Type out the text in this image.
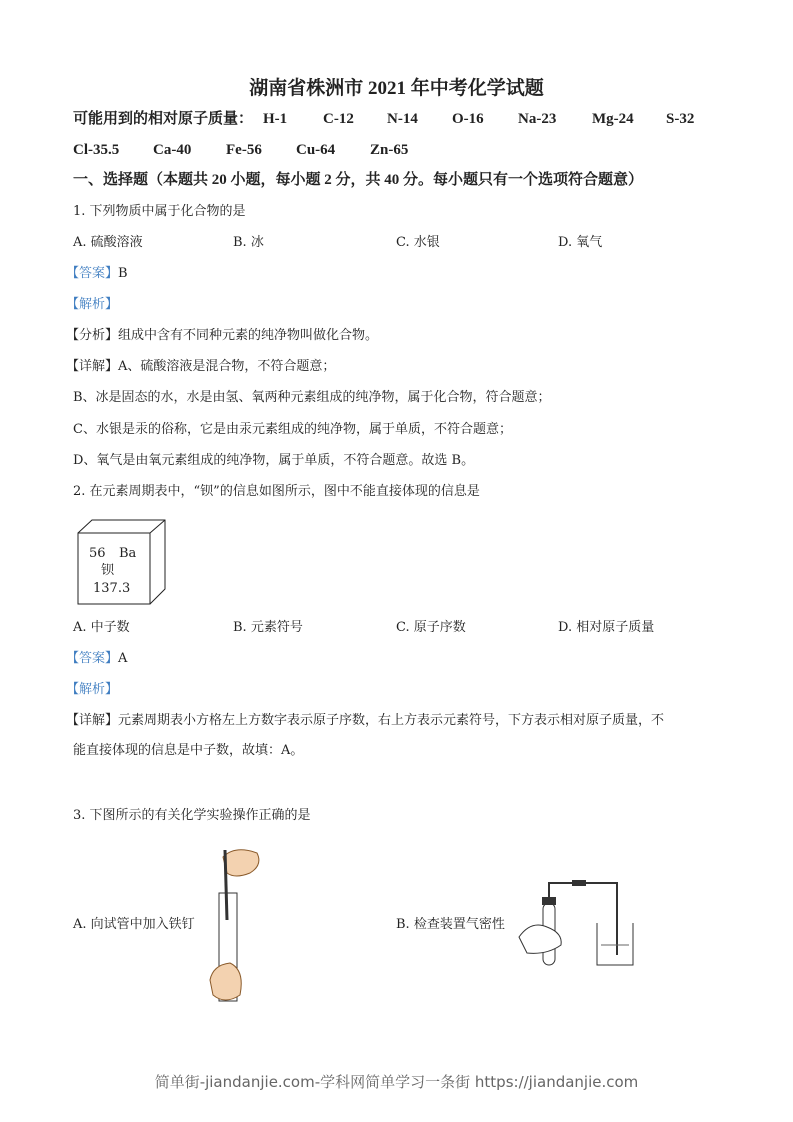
湖南省株洲市 2021 年中考化学试题
可能用到的相对原子质量： H-1 C-12 N-14 O-16 Na-23 Mg-24 S-32
Cl-35.5 Ca-40 Fe-56 Cu-64 Zn-65
一、选择题（本题共 20 小题，每小题 2 分，共 40 分。每小题只有一个选项符合题意）
1. 下列物质中属于化合物的是
A. 硫酸溶液	B. 冰	C. 水银	D. 氧气
【答案】B
【解析】
【分析】组成中含有不同种元素的纯净物叫做化合物。
【详解】A、硫酸溶液是混合物，不符合题意；
B、冰是固态的水，水是由氢、氧两种元素组成的纯净物，属于化合物，符合题意；
C、水银是汞的俗称，它是由汞元素组成的纯净物，属于单质，不符合题意；
D、氧气是由氧元素组成的纯净物，属于单质，不符合题意。故选 B。
2. 在元素周期表中，“钡”的信息如图所示，图中不能直接体现的信息是
56 Ba
钡
137.3
A. 中子数	B. 元素符号	C. 原子序数	D. 相对原子质量
【答案】A
【解析】
【详解】元素周期表小方格左上方数字表示原子序数，右上方表示元素符号，下方表示相对原子质量，不
能直接体现的信息是中子数，故填：A。
3. 下图所示的有关化学实验操作正确的是
A. 向试管中加入铁钉	B. 检查装置气密性
简单街-jiandanjie.com-学科网简单学习一条街 https://jiandanjie.com
